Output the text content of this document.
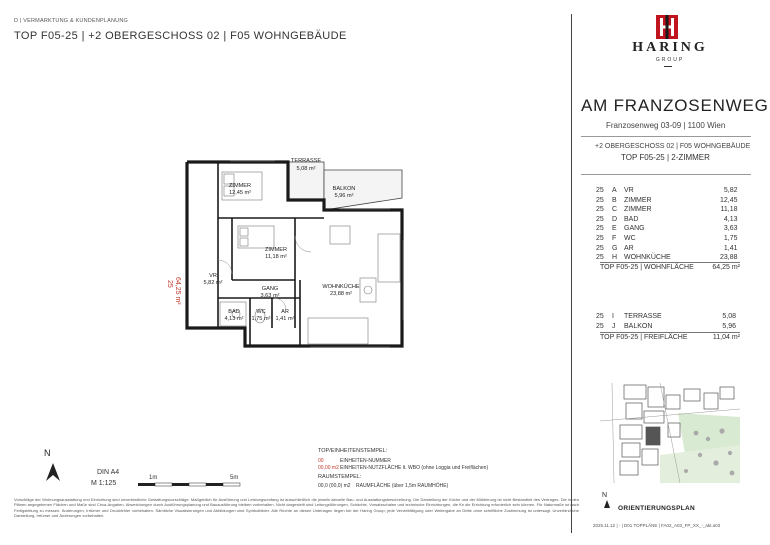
D | VERMARKTUNG & KUNDENPLANUNG
TOP F05-25 | +2 OBERGESCHOSS 02 | F05 WOHNGEBÄUDE
HARING
GROUP
AM FRANZOSENWEG
Franzosenweg 03-09 | 1100 Wien
+2 OBERGESCHOSS 02 | F05 WOHNGEBÄUDE
TOP F05-25 | 2-ZIMMER
25	A	VR	5,82
25	B	ZIMMER	12,45
25	C	ZIMMER	11,18
25	D	BAD	4,13
25	E	GANG	3,63
25	F	WC	1,75
25	G	AR	1,41
25	H	WOHNKÜCHE	23,88
TOP F05-25 | WOHNFLÄCHE	64,25 m²
25	I	TERRASSE	5,08
25	J	BALKON	5,96
TOP F05-25 | FREIFLÄCHE	11,04 m²
N
ORIENTIERUNGSPLAN
2025.11.12 | - | D01 TOPPLÄNE | FA02_A03_FP_XX_-_akt.a03
25 64,25 m²
TERRASSE
5,08 m²
ZIMMER
12,45 m²
BALKON
5,96 m²
ZIMMER
11,18 m²
VR
5,82 m²
WOHNKÜCHE
23,88 m²
GANG
3,63 m²
BAD
4,13 m²
WC
1,75 m²
AR
1,41 m²
N
DIN A4
M 1:125
1m	5m
TOP/EINHEITENSTEMPEL:
00	EINHEITEN-NUMMER
00,00 m2 EINHEITEN-NUTZFLÄCHE lt. WBO (ohne Loggia und Freiflächen)
RAUMSTEMPEL:
00,0 (00,0) m2 RAUMFLÄCHE (über 1,5m RAUMHÖHE)
Vorschläge der Wohnungsausstattung und Einrichtung sind unverbindliche Gestaltungsvorschläge. Maßgeblich für Ausführung und Leistungsumfang ist ausschließlich die jeweils aktuelle Bau- und Ausstattungsbeschreibung. Die Darstellung der Küche und der Möblierung ist nicht Bestandteil des Vertrages. Die in den Plänen angegebenen Flächen und Maße sind Circa-Angaben, Abweichungen durch Ausführungsplanung und Bauausführung bleiben vorbehalten. Nicht dargestellt sind Leitungsführungen, Schächte, Vorsatzschalen und technische Einrichtungen, die für die Errichtung erforderlich sein können. Für Naturmaße ist nach Fertigstellung zu messen. Änderungen, Irrtümer und Druckfehler vorbehalten. Sämtliche Visualisierungen und Abbildungen sind Symbolbilder. Alle Rechte an diesen Unterlagen liegen bei der Haring Group; jede Vervielfältigung oder Weitergabe an Dritte ohne schriftliche Zustimmung ist untersagt. Unverbindliche Darstellung, Irrtümer und Änderungen vorbehalten.
